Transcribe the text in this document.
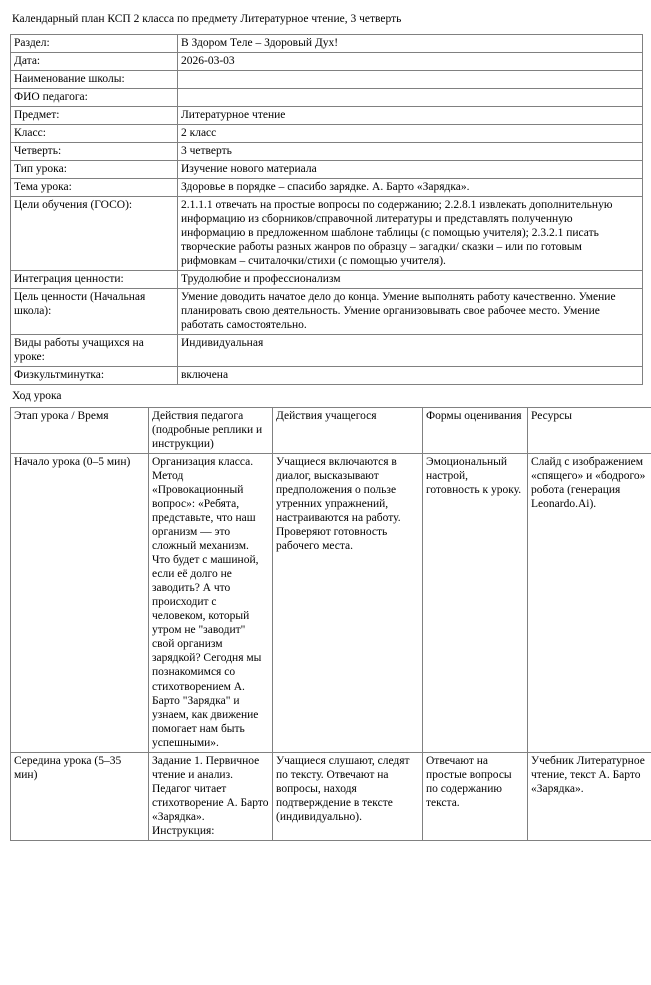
Календарный план КСП 2 класса по предмету Литературное чтение, 3 четверть
Раздел:	В Здором Теле – Здоровый Дух!
Дата:	2026-03-03
Наименование школы:	
ФИО педагога:	
Предмет:	Литературное чтение
Класс:	2 класс
Четверть:	3 четверть
Тип урока:	Изучение нового материала
Тема урока:	Здоровье в порядке – спасибо зарядке. А. Барто «Зарядка».
Цели обучения (ГОСО):	2.1.1.1 отвечать на простые вопросы по содержанию; 2.2.8.1 извлекать дополнительную информацию из сборников/справочной литературы и представлять полученную информацию в предложенном шаблоне таблицы (с помощью учителя); 2.3.2.1 писать творческие работы разных жанров по образцу – загадки/ сказки – или по готовым рифмовкам – считалочки/стихи (с помощью учителя).
Интеграция ценности:	Трудолюбие и профессионализм
Цель ценности (Начальная школа):	Умение доводить начатое дело до конца. Умение выполнять работу качественно. Умение планировать свою деятельность. Умение организовывать свое рабочее место. Умение работать самостоятельно.
Виды работы учащихся на уроке:	Индивидуальная
Физкультминутка:	включена
Ход урока
Этап урока / Время	Действия педагога (подробные реплики и инструкции)	Действия учащегося	Формы оценивания	Ресурсы
Начало урока (0–5 мин)	Организация класса. Метод «Провокационный вопрос»: «Ребята, представьте, что наш организм — это сложный механизм. Что будет с машиной, если её долго не заводить? А что происходит с человеком, который утром не "заводит" свой организм зарядкой? Сегодня мы познакомимся со стихотворением А. Барто "Зарядка" и узнаем, как движение помогает нам быть успешными».	Учащиеся включаются в диалог, высказывают предположения о пользе утренних упражнений, настраиваются на работу. Проверяют готовность рабочего места.	Эмоциональный настрой, готовность к уроку.	Слайд с изображением «спящего» и «бодрого» робота (генерация Leonardo.Ai).
Середина урока (5–35 мин)	Задание 1. Первичное чтение и анализ. Педагог читает стихотворение А. Барто «Зарядка». Инструкция:	Учащиеся слушают, следят по тексту. Отвечают на вопросы, находя подтверждение в тексте (индивидуально).	Отвечают на простые вопросы по содержанию текста.	Учебник Литературное чтение, текст А. Барто «Зарядка».
